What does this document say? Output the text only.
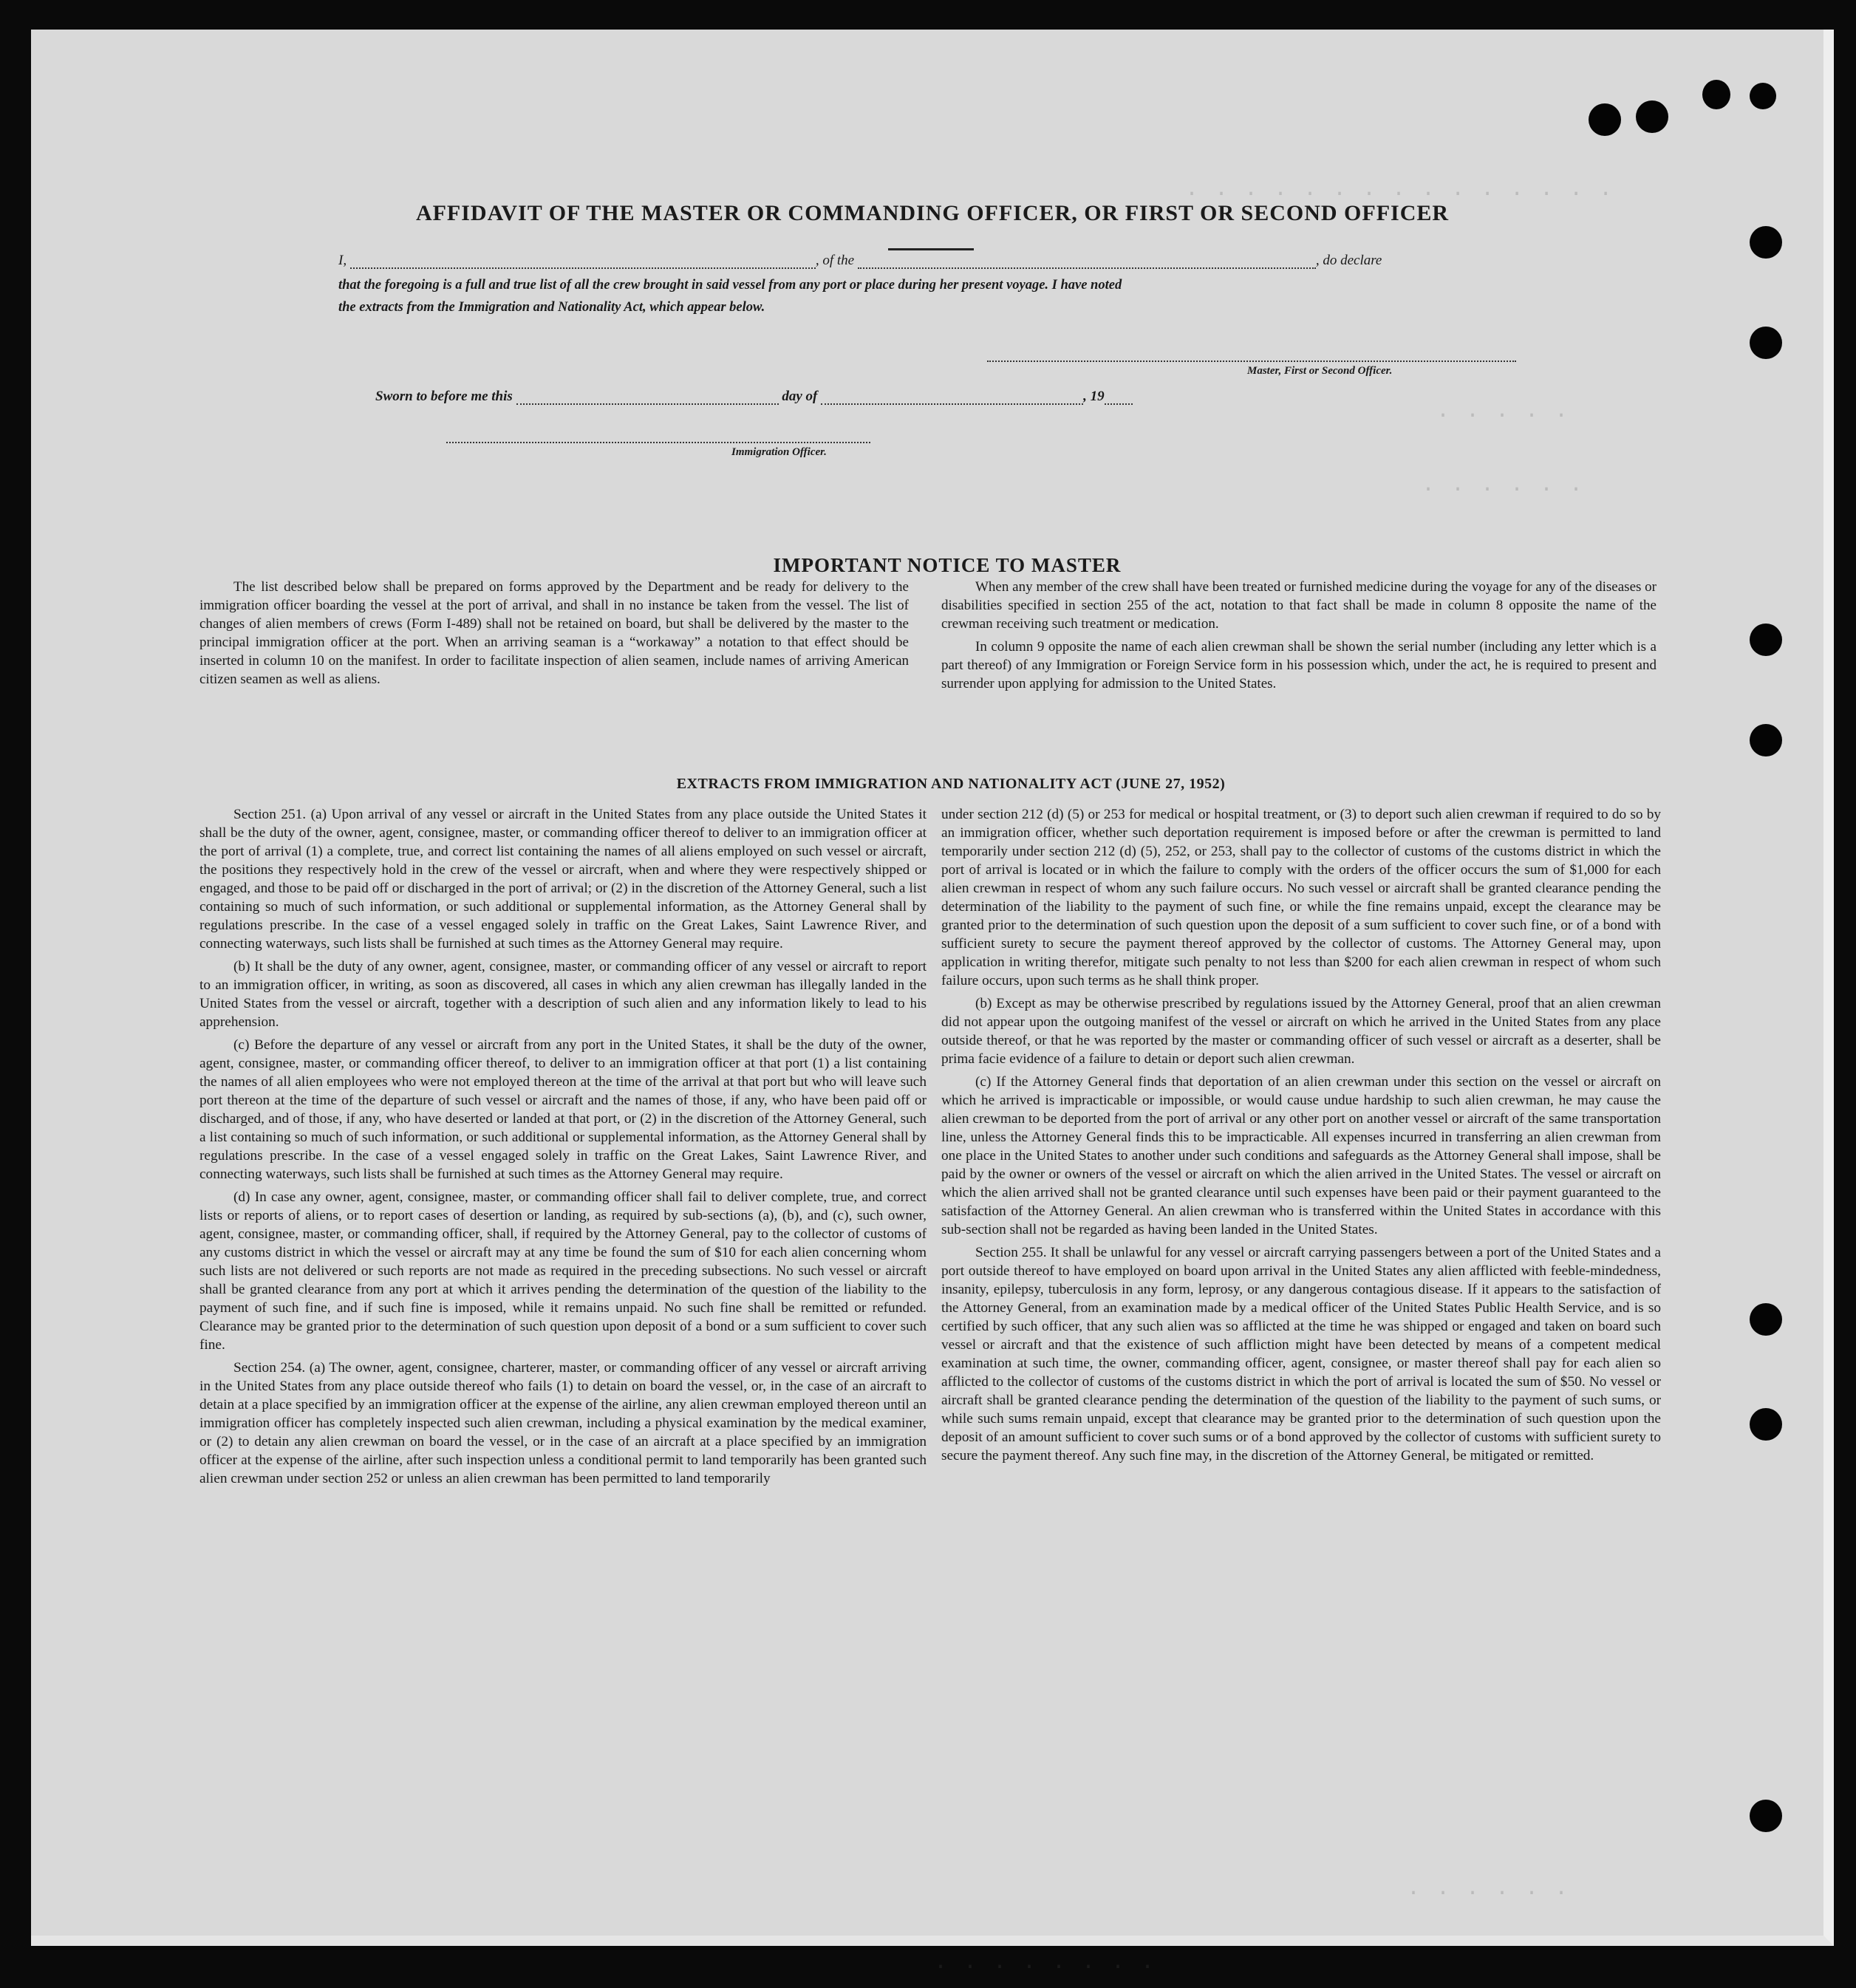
. . . . . . . . . . . . . . .
. . . . .
. . . . . .
. . . . . .
. . . . . . . .
AFFIDAVIT OF THE MASTER OR COMMANDING OFFICER, OR FIRST OR SECOND OFFICER
I,	, of the	, do declare
that the foregoing is a full and true list of all the crew brought in said vessel from any port or place during her present voyage. I have noted
the extracts from the Immigration and Nationality Act, which appear below.
Master, First or Second Officer.
Sworn to before me this	day of	, 19
Immigration Officer.
IMPORTANT NOTICE TO MASTER

The list described below shall be prepared on forms approved by the Department and be ready for delivery to the immigration officer boarding the vessel at the port of arrival, and shall in no instance be taken from the vessel. The list of changes of alien members of crews (Form I-489) shall not be retained on board, but shall be delivered by the master to the principal immigration officer at the port. When an arriving seaman is a “workaway” a notation to that effect should be inserted in column 10 on the manifest. In order to facilitate inspection of alien seamen, include names of arriving American citizen seamen as well as aliens.

When any member of the crew shall have been treated or furnished medicine during the voyage for any of the diseases or disabilities specified in section 255 of the act, notation to that fact shall be made in column 8 opposite the name of the crewman receiving such treatment or medication.

In column 9 opposite the name of each alien crewman shall be shown the serial number (including any letter which is a part thereof) of any Immigration or Foreign Service form in his possession which, under the act, he is required to present and surrender upon applying for admission to the United States.

EXTRACTS FROM IMMIGRATION AND NATIONALITY ACT (JUNE 27, 1952)

Section 251. (a) Upon arrival of any vessel or aircraft in the United States from any place outside the United States it shall be the duty of the owner, agent, consignee, master, or commanding officer thereof to deliver to an immigration officer at the port of arrival (1) a complete, true, and correct list containing the names of all aliens employed on such vessel or aircraft, the positions they respectively hold in the crew of the vessel or aircraft, when and where they were respectively shipped or engaged, and those to be paid off or discharged in the port of arrival; or (2) in the discretion of the Attorney General, such a list containing so much of such information, or such additional or supplemental information, as the Attorney General shall by regulations prescribe. In the case of a vessel engaged solely in traffic on the Great Lakes, Saint Lawrence River, and connecting waterways, such lists shall be furnished at such times as the Attorney General may require.

(b) It shall be the duty of any owner, agent, consignee, master, or commanding officer of any vessel or aircraft to report to an immigration officer, in writing, as soon as discovered, all cases in which any alien crewman has illegally landed in the United States from the vessel or aircraft, together with a description of such alien and any information likely to lead to his apprehension.

(c) Before the departure of any vessel or aircraft from any port in the United States, it shall be the duty of the owner, agent, consignee, master, or commanding officer thereof, to deliver to an immigration officer at that port (1) a list containing the names of all alien employees who were not employed thereon at the time of the arrival at that port but who will leave such port thereon at the time of the departure of such vessel or aircraft and the names of those, if any, who have been paid off or discharged, and of those, if any, who have deserted or landed at that port, or (2) in the discretion of the Attorney General, such a list containing so much of such information, or such additional or supplemental information, as the Attorney General shall by regulations prescribe. In the case of a vessel engaged solely in traffic on the Great Lakes, Saint Lawrence River, and connecting waterways, such lists shall be furnished at such times as the Attorney General may require.

(d) In case any owner, agent, consignee, master, or commanding officer shall fail to deliver complete, true, and correct lists or reports of aliens, or to report cases of desertion or landing, as required by sub-sections (a), (b), and (c), such owner, agent, consignee, master, or commanding officer, shall, if required by the Attorney General, pay to the collector of customs of any customs district in which the vessel or aircraft may at any time be found the sum of $10 for each alien concerning whom such lists are not delivered or such reports are not made as required in the preceding subsections. No such vessel or aircraft shall be granted clearance from any port at which it arrives pending the determination of the question of the liability to the payment of such fine, and if such fine is imposed, while it remains unpaid. No such fine shall be remitted or refunded. Clearance may be granted prior to the determination of such question upon deposit of a bond or a sum sufficient to cover such fine.

Section 254. (a) The owner, agent, consignee, charterer, master, or commanding officer of any vessel or aircraft arriving in the United States from any place outside thereof who fails (1) to detain on board the vessel, or, in the case of an aircraft to detain at a place specified by an immigration officer at the expense of the airline, any alien crewman employed thereon until an immigration officer has completely inspected such alien crewman, including a physical examination by the medical examiner, or (2) to detain any alien crewman on board the vessel, or in the case of an aircraft at a place specified by an immigration officer at the expense of the airline, after such inspection unless a conditional permit to land temporarily has been granted such alien crewman under section 252 or unless an alien crewman has been permitted to land temporarily

under section 212 (d) (5) or 253 for medical or hospital treatment, or (3) to deport such alien crewman if required to do so by an immigration officer, whether such deportation requirement is imposed before or after the crewman is permitted to land temporarily under section 212 (d) (5), 252, or 253, shall pay to the collector of customs of the customs district in which the port of arrival is located or in which the failure to comply with the orders of the officer occurs the sum of $1,000 for each alien crewman in respect of whom any such failure occurs. No such vessel or aircraft shall be granted clearance pending the determination of the liability to the payment of such fine, or while the fine remains unpaid, except the clearance may be granted prior to the determination of such question upon the deposit of a sum sufficient to cover such fine, or of a bond with sufficient surety to secure the payment thereof approved by the collector of customs. The Attorney General may, upon application in writing therefor, mitigate such penalty to not less than $200 for each alien crewman in respect of whom such failure occurs, upon such terms as he shall think proper.

(b) Except as may be otherwise prescribed by regulations issued by the Attorney General, proof that an alien crewman did not appear upon the outgoing manifest of the vessel or aircraft on which he arrived in the United States from any place outside thereof, or that he was reported by the master or commanding officer of such vessel or aircraft as a deserter, shall be prima facie evidence of a failure to detain or deport such alien crewman.

(c) If the Attorney General finds that deportation of an alien crewman under this section on the vessel or aircraft on which he arrived is impracticable or impossible, or would cause undue hardship to such alien crewman, he may cause the alien crewman to be deported from the port of arrival or any other port on another vessel or aircraft of the same transportation line, unless the Attorney General finds this to be impracticable. All expenses incurred in transferring an alien crewman from one place in the United States to another under such conditions and safeguards as the Attorney General shall impose, shall be paid by the owner or owners of the vessel or aircraft on which the alien arrived in the United States. The vessel or aircraft on which the alien arrived shall not be granted clearance until such expenses have been paid or their payment guaranteed to the satisfaction of the Attorney General. An alien crewman who is transferred within the United States in accordance with this sub-section shall not be regarded as having been landed in the United States.

Section 255. It shall be unlawful for any vessel or aircraft carrying passengers between a port of the United States and a port outside thereof to have employed on board upon arrival in the United States any alien afflicted with feeble-mindedness, insanity, epilepsy, tuberculosis in any form, leprosy, or any dangerous contagious disease. If it appears to the satisfaction of the Attorney General, from an examination made by a medical officer of the United States Public Health Service, and is so certified by such officer, that any such alien was so afflicted at the time he was shipped or engaged and taken on board such vessel or aircraft and that the existence of such affliction might have been detected by means of a competent medical examination at such time, the owner, commanding officer, agent, consignee, or master thereof shall pay for each alien so afflicted to the collector of customs of the customs district in which the port of arrival is located the sum of $50. No vessel or aircraft shall be granted clearance pending the determination of the question of the liability to the payment of such sums, or while such sums remain unpaid, except that clearance may be granted prior to the determination of such question upon the deposit of an amount sufficient to cover such sums or of a bond approved by the collector of customs with sufficient surety to secure the payment thereof. Any such fine may, in the discretion of the Attorney General, be mitigated or remitted.
